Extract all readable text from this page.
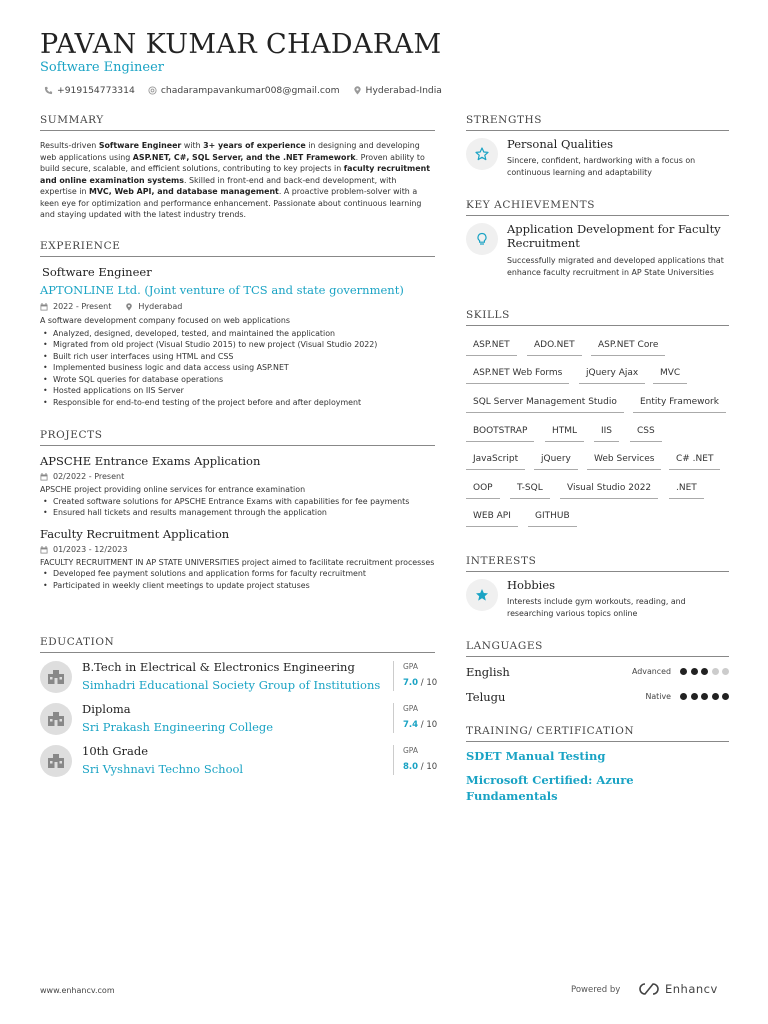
PAVAN KUMAR CHADARAM
Software Engineer
+919154773314	chadarampavankumar008@gmail.com	Hyderabad-India
SUMMARY
Results-driven Software Engineer with 3+ years of experience in designing and developing web applications using ASP.NET, C#, SQL Server, and the .NET Framework. Proven ability to build secure, scalable, and efficient solutions, contributing to key projects in faculty recruitment and online examination systems. Skilled in front-end and back-end development, with expertise in MVC, Web API, and database management. A proactive problem-solver with a keen eye for optimization and performance enhancement. Passionate about continuous learning and staying updated with the latest industry trends.
EXPERIENCE
Software Engineer
APTONLINE Ltd. (Joint venture of TCS and state government)
2022 - Present	Hyderabad
A software development company focused on web applications
• Analyzed, designed, developed, tested, and maintained the application
• Migrated from old project (Visual Studio 2015) to new project (Visual Studio 2022)
• Built rich user interfaces using HTML and CSS
• Implemented business logic and data access using ASP.NET
• Wrote SQL queries for database operations
• Hosted applications on IIS Server
• Responsible for end-to-end testing of the project before and after deployment
PROJECTS
APSCHE Entrance Exams Application
02/2022 - Present
APSCHE project providing online services for entrance examination
• Created software solutions for APSCHE Entrance Exams with capabilities for fee payments
• Ensured hall tickets and results management through the application
Faculty Recruitment Application
01/2023 - 12/2023
FACULTY RECRUITMENT IN AP STATE UNIVERSITIES project aimed to facilitate recruitment processes
• Developed fee payment solutions and application forms for faculty recruitment
• Participated in weekly client meetings to update project statuses
EDUCATION
B.Tech in Electrical & Electronics Engineering
Simhadri Educational Society Group of Institutions
GPA
7.0 / 10
Diploma
Sri Prakash Engineering College
GPA
7.4 / 10
10th Grade
Sri Vyshnavi Techno School
GPA
8.0 / 10
STRENGTHS
Personal Qualities
Sincere, confident, hardworking with a focus on continuous learning and adaptability
KEY ACHIEVEMENTS
Application Development for Faculty Recruitment
Successfully migrated and developed applications that enhance faculty recruitment in AP State Universities
SKILLS
ASP.NET	ADO.NET	ASP.NET Core
ASP.NET Web Forms	jQuery Ajax	MVC
SQL Server Management Studio	Entity Framework
BOOTSTRAP	HTML	IIS	CSS
JavaScript	jQuery	Web Services	C# .NET
OOP	T-SQL	Visual Studio 2022	.NET
WEB API	GITHUB
INTERESTS
Hobbies
Interests include gym workouts, reading, and researching various topics online
LANGUAGES
English	Advanced
Telugu	Native
TRAINING/ CERTIFICATION
SDET Manual Testing
Microsoft Certified: Azure Fundamentals
www.enhancv.com	Powered by	Enhancv
